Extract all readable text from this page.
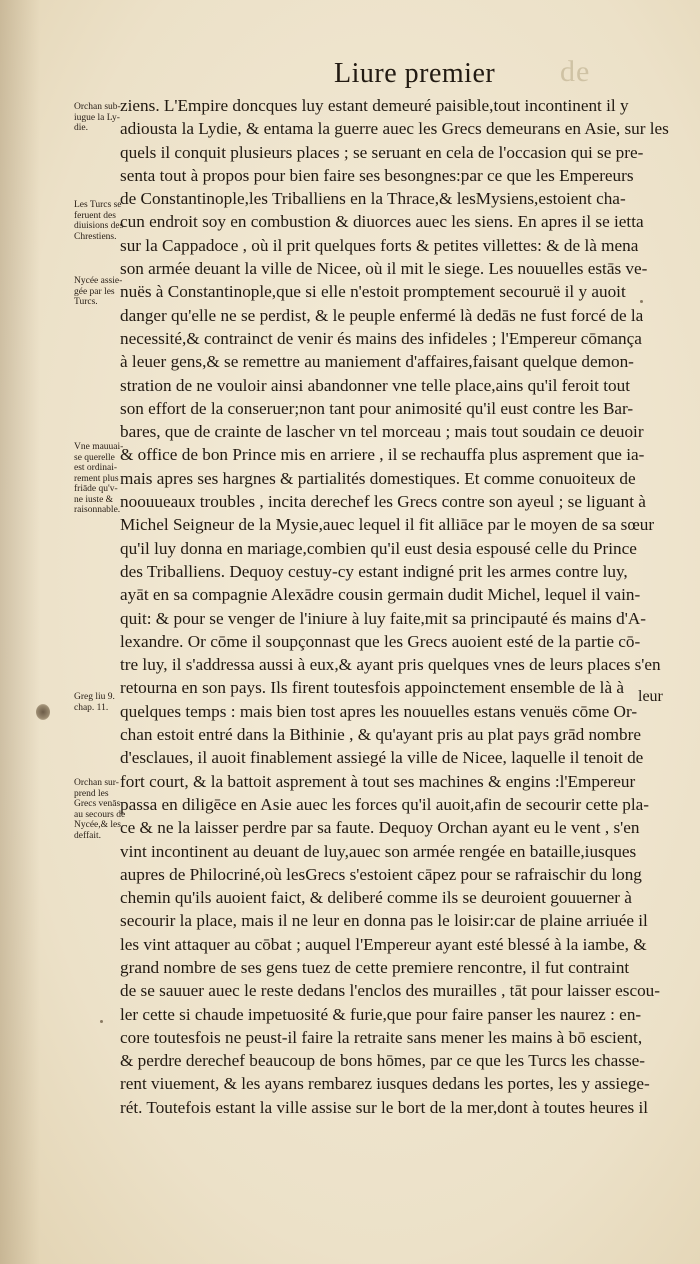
de
Liure premier
ziens. L'Empire doncques luy estant demeuré paisible,tout incontinent il y
adiousta la Lydie, & entama la guerre auec les Grecs demeurans en Asie, sur les
quels il conquit plusieurs places ; se seruant en cela de l'occasion qui se pre-
senta tout à propos pour bien faire ses besongnes:par ce que les Empereurs
de Constantinople,les Triballiens en la Thrace,& lesMysiens,estoient cha-
cun endroit soy en combustion & diuorces auec les siens. En apres il se ietta
sur la Cappadoce , où il prit quelques forts & petites villettes: & de là mena
son armée deuant la ville de Nicee, où il mit le siege. Les nouuelles estās ve-
nuës à Constantinople,que si elle n'estoit promptement secouruë il y auoit
danger qu'elle ne se perdist, & le peuple enfermé là dedās ne fust forcé de la
necessité,& contrainct de venir és mains des infideles ; l'Empereur cōmança
à leuer gens,& se remettre au maniement d'affaires,faisant quelque demon-
stration de ne vouloir ainsi abandonner vne telle place,ains qu'il feroit tout
son effort de la conseruer;non tant pour animosité qu'il eust contre les Bar-
bares, que de crainte de lascher vn tel morceau ; mais tout soudain ce deuoir
& office de bon Prince mis en arriere , il se rechauffa plus asprement que ia-
mais apres ses hargnes & partialités domestiques. Et comme conuoiteux de
noouueaux troubles , incita derechef les Grecs contre son ayeul ; se liguant à
Michel Seigneur de la Mysie,auec lequel il fit alliāce par le moyen de sa sœur
qu'il luy donna en mariage,combien qu'il eust desia espousé celle du Prince
des Triballiens. Dequoy cestuy-cy estant indigné prit les armes contre luy,
ayāt en sa compagnie Alexādre cousin germain dudit Michel, lequel il vain-
quit: & pour se venger de l'iniure à luy faite,mit sa principauté és mains d'A-
lexandre. Or cōme il soupçonnast que les Grecs auoient esté de la partie cō-
tre luy, il s'addressa aussi à eux,& ayant pris quelques vnes de leurs places s'en
retourna en son pays. Ils firent toutesfois appoinctement ensemble de là à
quelques temps : mais bien tost apres les nouuelles estans venuës cōme Or-
chan estoit entré dans la Bithinie , & qu'ayant pris au plat pays grād nombre
d'esclaues, il auoit finablement assiegé la ville de Nicee, laquelle il tenoit de
fort court, & la battoit asprement à tout ses machines & engins :l'Empereur
passa en diligēce en Asie auec les forces qu'il auoit,afin de secourir cette pla-
ce & ne la laisser perdre par sa faute. Dequoy Orchan ayant eu le vent , s'en
vint incontinent au deuant de luy,auec son armée rengée en bataille,iusques
aupres de Philocriné,où lesGrecs s'estoient cāpez pour se rafraischir du long
chemin qu'ils auoient faict, & deliberé comme ils se deuroient gouuerner à
secourir la place, mais il ne leur en donna pas le loisir:car de plaine arriuée il
les vint attaquer au cōbat ; auquel l'Empereur ayant esté blessé à la iambe, &
grand nombre de ses gens tuez de cette premiere rencontre, il fut contraint
de se sauuer auec le reste dedans l'enclos des murailles , tāt pour laisser escou-
ler cette si chaude impetuosité & furie,que pour faire panser les naurez : en-
core toutesfois ne peust-il faire la retraite sans mener les mains à bō escient,
& perdre derechef beaucoup de bons hōmes, par ce que les Turcs les chasse-
rent viuement, & les ayans rembarez iusques dedans les portes, les y assiege-
rét. Toutefois estant la ville assise sur le bort de la mer,dont à toutes heures il
Orchan sub-
iugue la Ly-
die.
Les Turcs se
feruent des
diuisions des
Chrestiens.
Nycée assie-
gée par les
Turcs.
Vne mauuai-
se querelle
est ordinai-
rement plus
friāde qu'v-
ne iuste &
raisonnable.
Greg liu 9.
chap. 11.
Orchan sur-
prend les
Grecs venās
au secours de
Nycée,& les
deffait.
leur
